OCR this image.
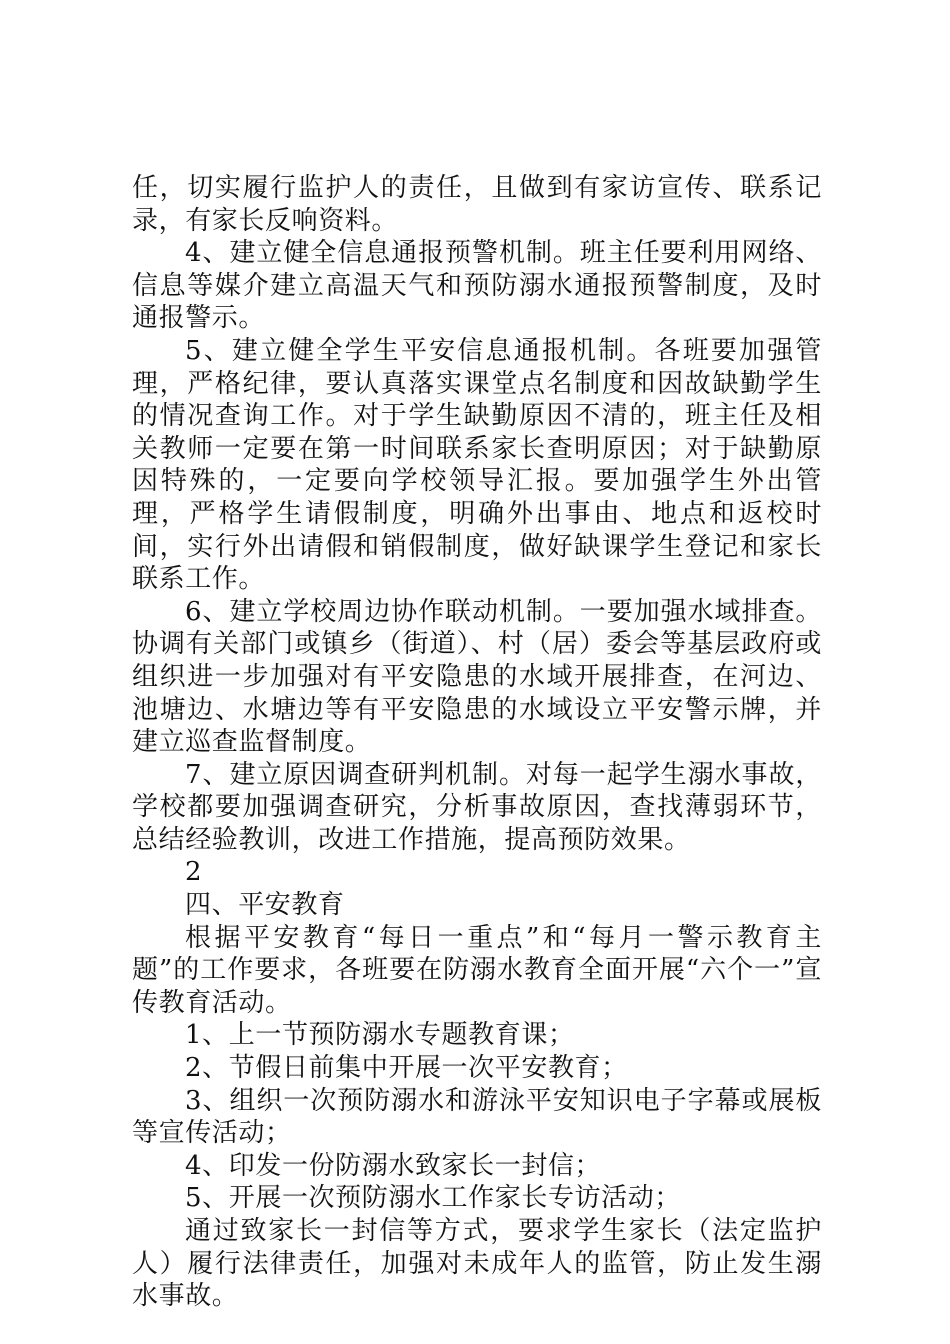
任，切实履行监护人的责任，且做到有家访宣传、联系记录，有家长反响资料。

4、建立健全信息通报预警机制。班主任要利用网络、信息等媒介建立高温天气和预防溺水通报预警制度，及时通报警示。

5、建立健全学生平安信息通报机制。各班要加强管理，严格纪律，要认真落实课堂点名制度和因故缺勤学生的情况查询工作。对于学生缺勤原因不清的，班主任及相关教师一定要在第一时间联系家长查明原因；对于缺勤原因特殊的，一定要向学校领导汇报。要加强学生外出管理，严格学生请假制度，明确外出事由、地点和返校时间，实行外出请假和销假制度，做好缺课学生登记和家长联系工作。

6、建立学校周边协作联动机制。一要加强水域排查。协调有关部门或镇乡（街道）、村（居）委会等基层政府或组织进一步加强对有平安隐患的水域开展排查，在河边、池塘边、水塘边等有平安隐患的水域设立平安警示牌，并建立巡查监督制度。

7、建立原因调查研判机制。对每一起学生溺水事故，学校都要加强调查研究，分析事故原因，查找薄弱环节，总结经验教训，改进工作措施，提高预防效果。

2

四、平安教育

根据平安教育“每日一重点”和“每月一警示教育主题”的工作要求，各班要在防溺水教育全面开展“六个一”宣传教育活动。

1、上一节预防溺水专题教育课；

2、节假日前集中开展一次平安教育；

3、组织一次预防溺水和游泳平安知识电子字幕或展板等宣传活动；

4、印发一份防溺水致家长一封信；

5、开展一次预防溺水工作家长专访活动；

通过致家长一封信等方式，要求学生家长（法定监护人）履行法律责任，加强对未成年人的监管，防止发生溺水事故。
